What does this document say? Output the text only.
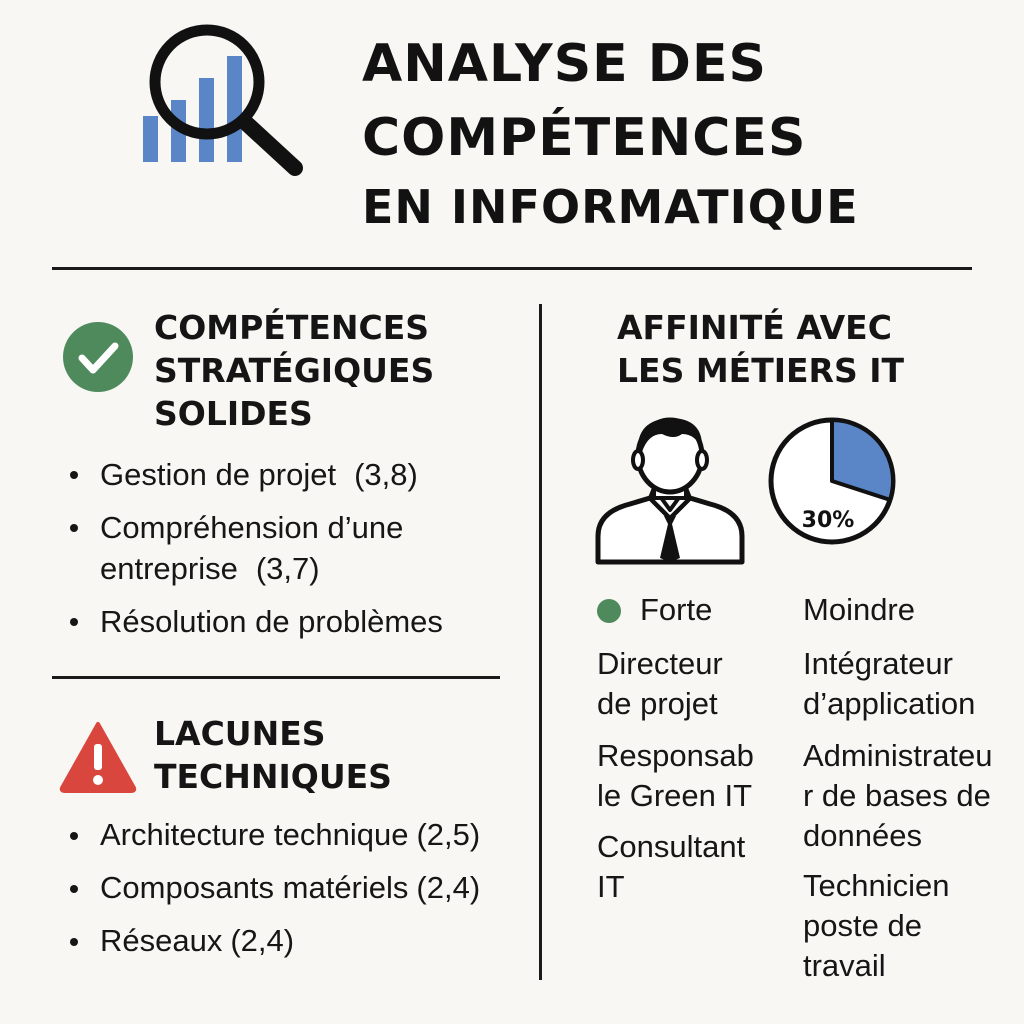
ANALYSE DES
COMPÉTENCES
EN INFORMATIQUE
COMPÉTENCES
STRATÉGIQUES
SOLIDES
Gestion de projet (3,8)
Compréhension d’une
entreprise (3,7)
Résolution de problèmes
LACUNES
TECHNIQUES
Architecture technique (2,5)
Composants matériels (2,4)
Réseaux (2,4)
AFFINITÉ AVEC
LES MÉTIERS IT
30%
Forte	Moindre
Directeur
de projet
Responsab
le Green IT
Consultant
IT
Intégrateur
d’application
Administrateu
r de bases de
données
Technicien
poste de
travail
